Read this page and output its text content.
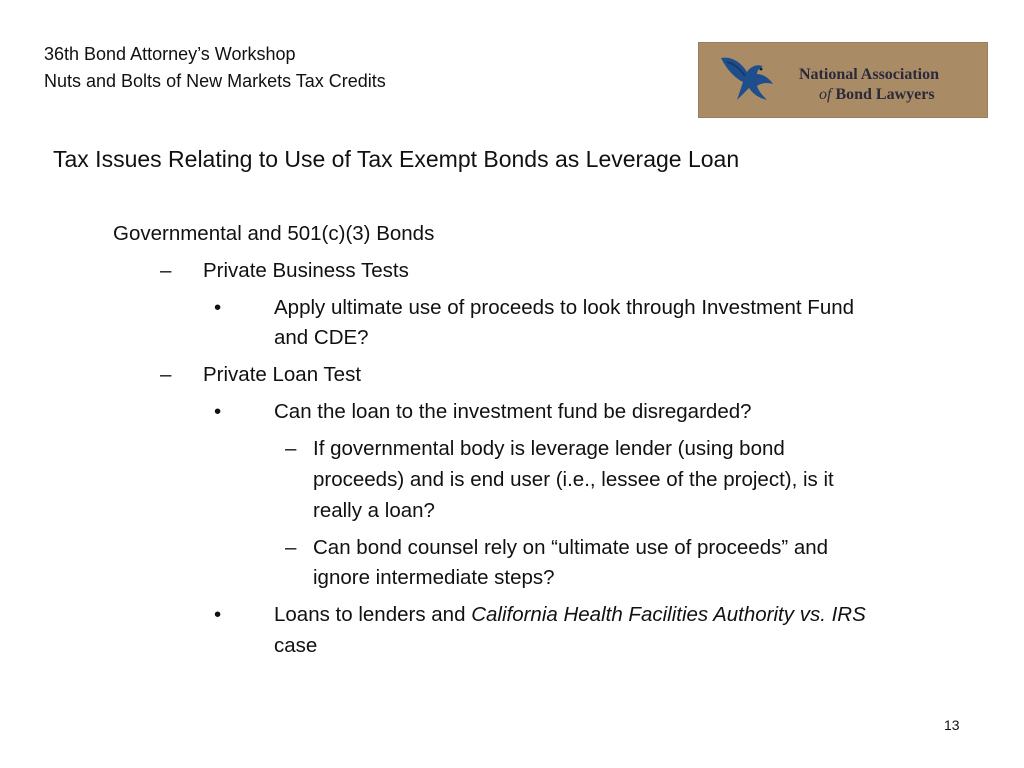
36th Bond Attorney’s Workshop
Nuts and Bolts of New Markets Tax Credits	National Association
of Bond Lawyers
Tax Issues Relating to Use of Tax Exempt Bonds as Leverage Loan
Governmental and 501(c)(3) Bonds
– Private Business Tests
•	Apply ultimate use of proceeds to look through Investment Fund
and CDE?
– Private Loan Test
•	Can the loan to the investment fund be disregarded?
– If governmental body is leverage lender (using bond
proceeds) and is end user (i.e., lessee of the project), is it
really a loan?
– Can bond counsel rely on “ultimate use of proceeds” and
ignore intermediate steps?
•	Loans to lenders and California Health Facilities Authority vs. IRS
case
13
